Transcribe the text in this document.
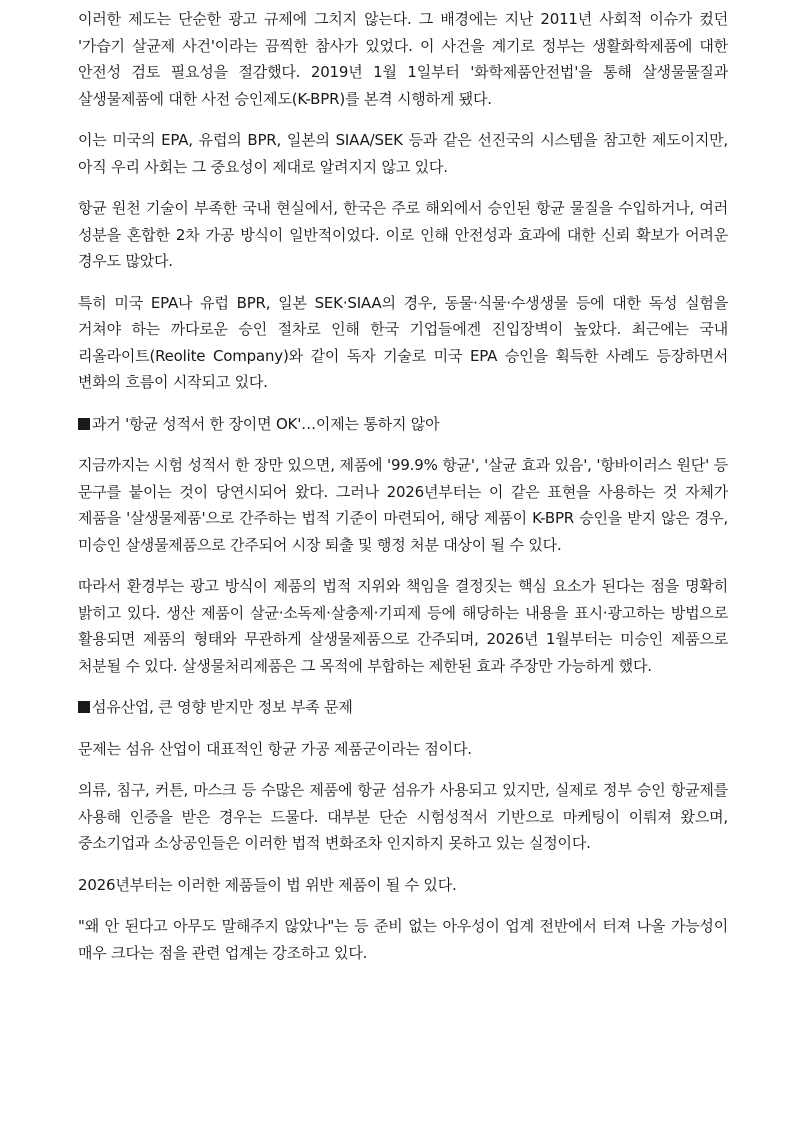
이러한 제도는 단순한 광고 규제에 그치지 않는다. 그 배경에는 지난 2011년 사회적 이슈가 컸던 '가습기 살균제 사건'이라는 끔찍한 참사가 있었다. 이 사건을 계기로 정부는 생활화학제품에 대한 안전성 검토 필요성을 절감했다. 2019년 1월 1일부터 '화학제품안전법'을 통해 살생물물질과 살생물제품에 대한 사전 승인제도(K-BPR)를 본격 시행하게 됐다.

이는 미국의 EPA, 유럽의 BPR, 일본의 SIAA/SEK 등과 같은 선진국의 시스템을 참고한 제도이지만, 아직 우리 사회는 그 중요성이 제대로 알려지지 않고 있다.

항균 원천 기술이 부족한 국내 현실에서, 한국은 주로 해외에서 승인된 항균 물질을 수입하거나, 여러 성분을 혼합한 2차 가공 방식이 일반적이었다. 이로 인해 안전성과 효과에 대한 신뢰 확보가 어려운 경우도 많았다.

특히 미국 EPA나 유럽 BPR, 일본 SEK·SIAA의 경우, 동물·식물·수생생물 등에 대한 독성 실험을 거쳐야 하는 까다로운 승인 절차로 인해 한국 기업들에겐 진입장벽이 높았다. 최근에는 국내 리올라이트(Reolite Company)와 같이 독자 기술로 미국 EPA 승인을 획득한 사례도 등장하면서 변화의 흐름이 시작되고 있다.

과거 '항균 성적서 한 장이면 OK'…이제는 통하지 않아

지금까지는 시험 성적서 한 장만 있으면, 제품에 '99.9% 항균', '살균 효과 있음', '항바이러스 원단' 등 문구를 붙이는 것이 당연시되어 왔다. 그러나 2026년부터는 이 같은 표현을 사용하는 것 자체가 제품을 '살생물제품'으로 간주하는 법적 기준이 마련되어, 해당 제품이 K-BPR 승인을 받지 않은 경우, 미승인 살생물제품으로 간주되어 시장 퇴출 및 행정 처분 대상이 될 수 있다.

따라서 환경부는 광고 방식이 제품의 법적 지위와 책임을 결정짓는 핵심 요소가 된다는 점을 명확히 밝히고 있다. 생산 제품이 살균·소독제·살충제·기피제 등에 해당하는 내용을 표시·광고하는 방법으로 활용되면 제품의 형태와 무관하게 살생물제품으로 간주되며, 2026년 1월부터는 미승인 제품으로 처분될 수 있다. 살생물처리제품은 그 목적에 부합하는 제한된 효과 주장만 가능하게 했다.

섬유산업, 큰 영향 받지만 정보 부족 문제

문제는 섬유 산업이 대표적인 항균 가공 제품군이라는 점이다.

의류, 침구, 커튼, 마스크 등 수많은 제품에 항균 섬유가 사용되고 있지만, 실제로 정부 승인 항균제를 사용해 인증을 받은 경우는 드물다. 대부분 단순 시험성적서 기반으로 마케팅이 이뤄져 왔으며, 중소기업과 소상공인들은 이러한 법적 변화조차 인지하지 못하고 있는 실정이다.

2026년부터는 이러한 제품들이 법 위반 제품이 될 수 있다.

"왜 안 된다고 아무도 말해주지 않았나"는 등 준비 없는 아우성이 업계 전반에서 터져 나올 가능성이 매우 크다는 점을 관련 업계는 강조하고 있다.
